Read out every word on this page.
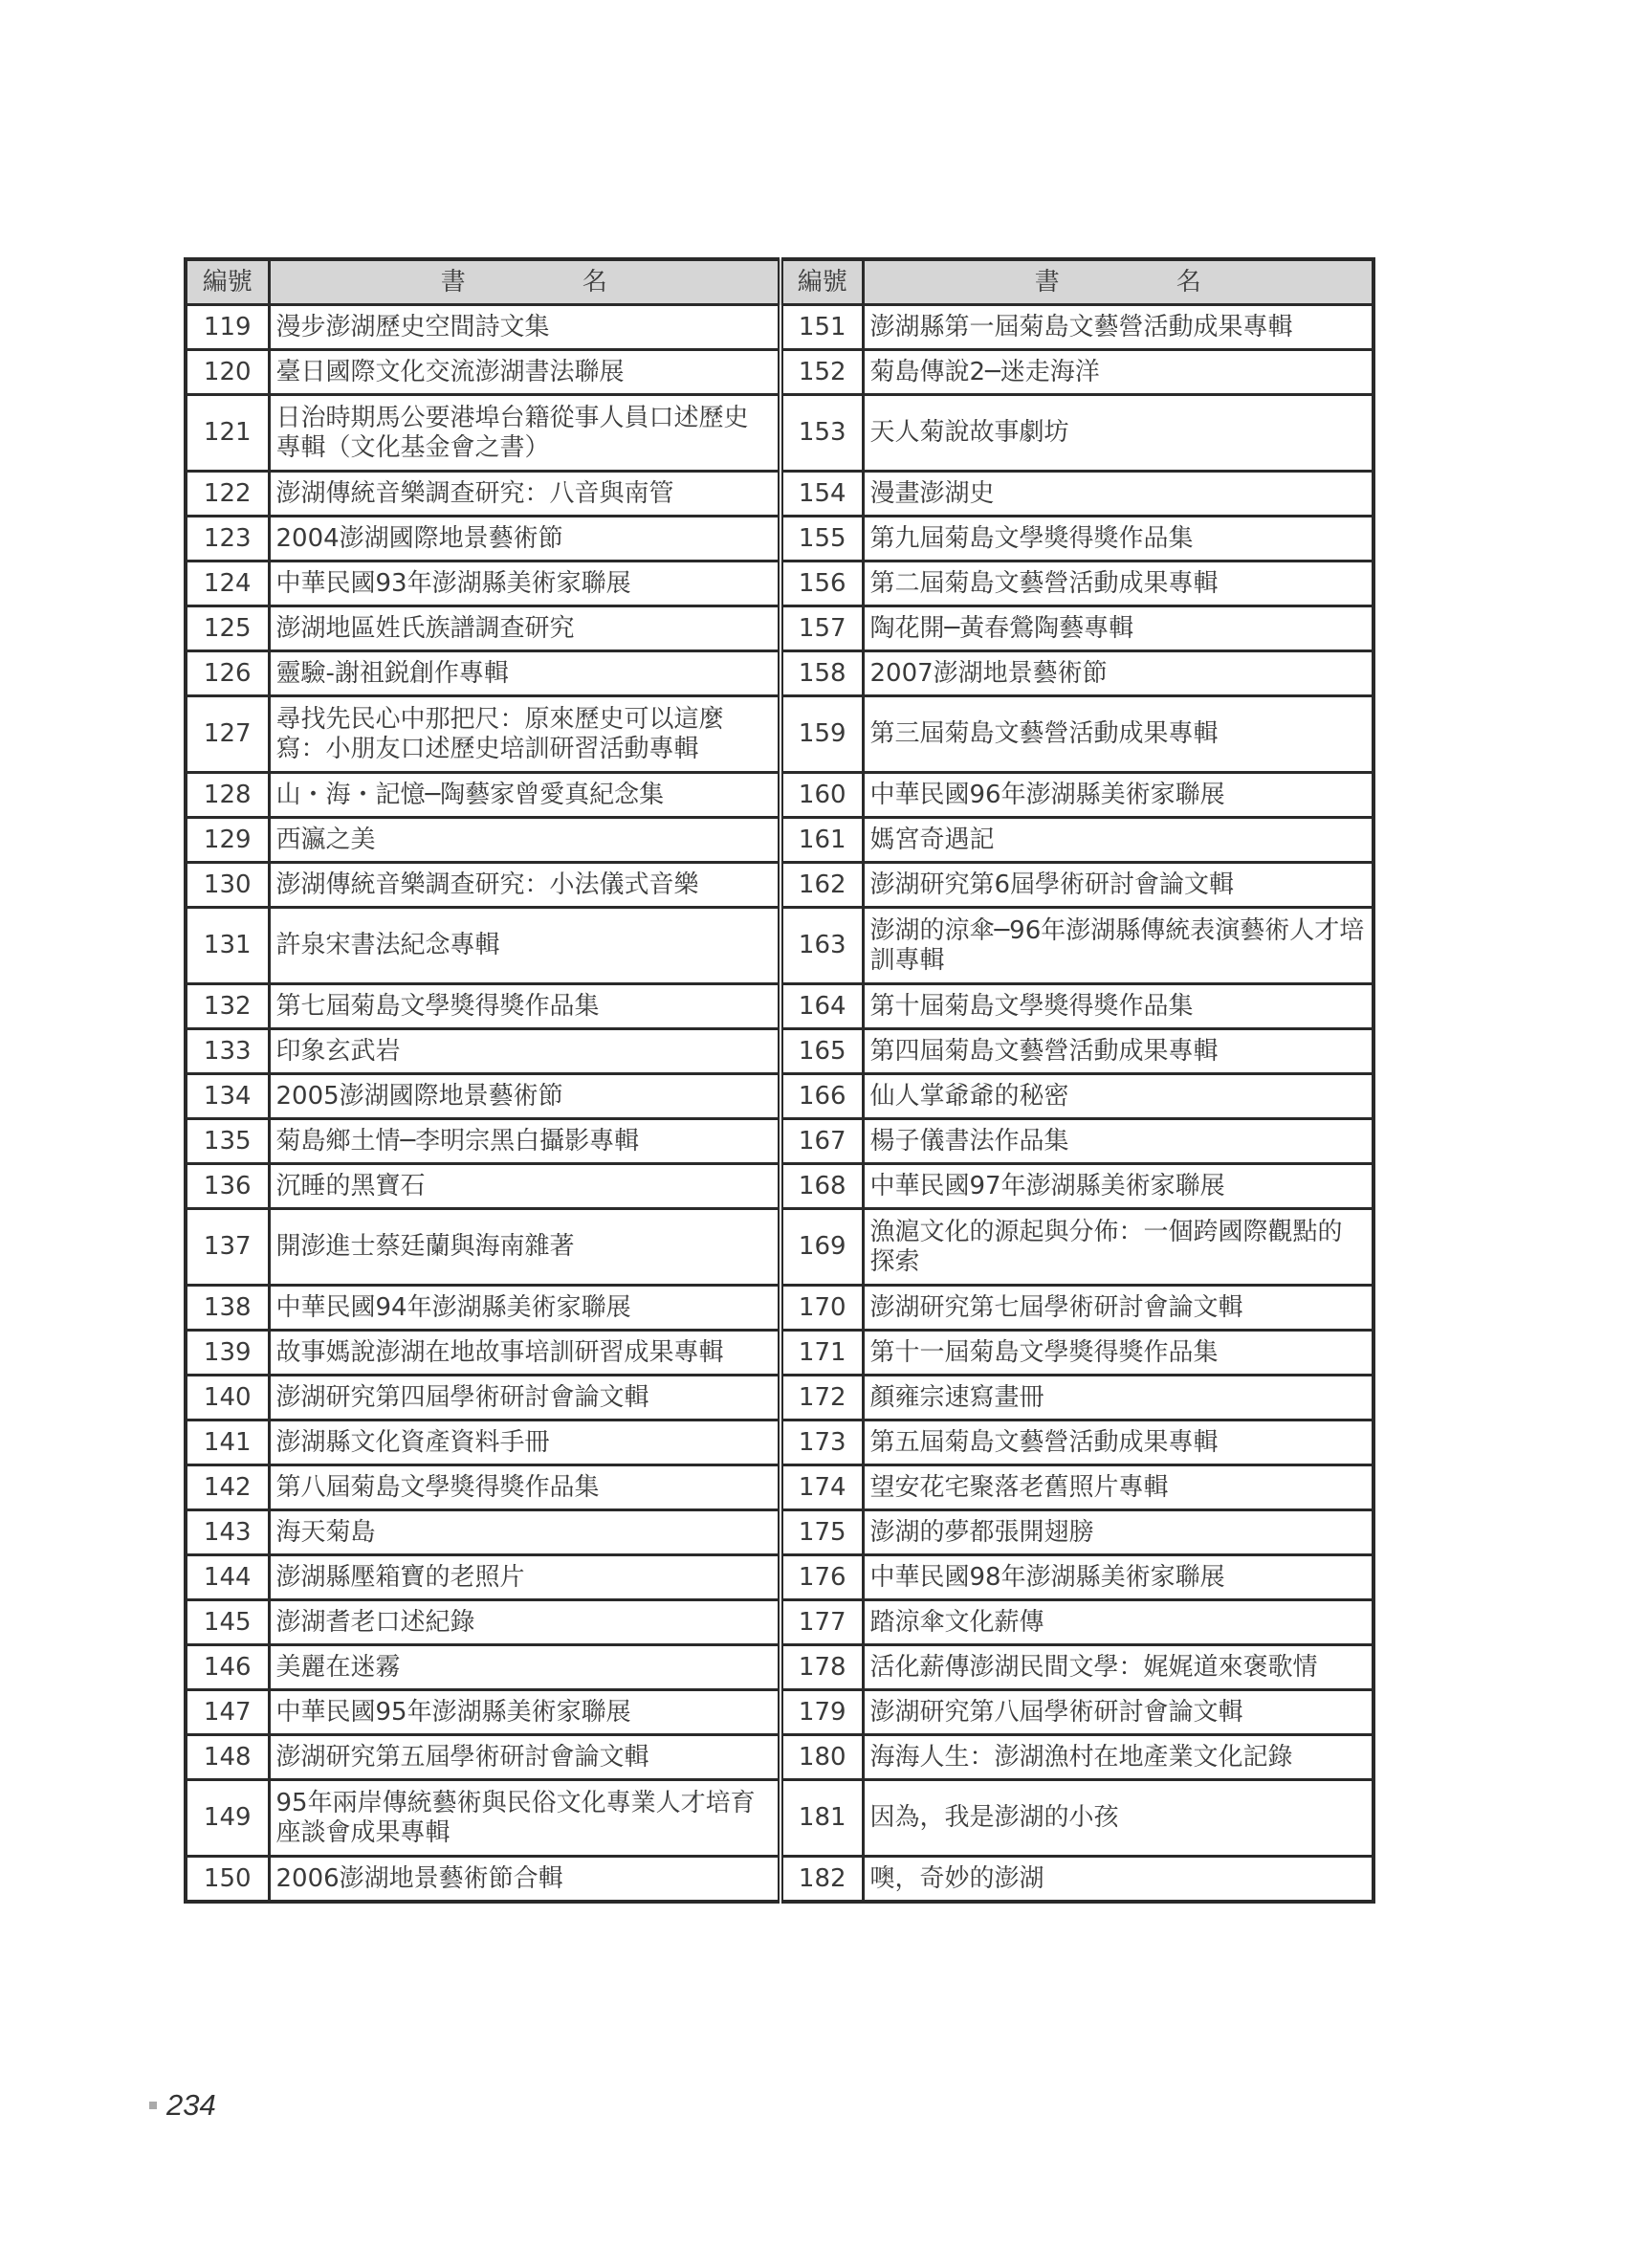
編號	書　名	編號	書　名
119	漫步澎湖歷史空間詩文集	151	澎湖縣第一屆菊島文藝營活動成果專輯
120	臺日國際文化交流澎湖書法聯展	152	菊島傳說2─迷走海洋
121	日治時期馬公要港埠台籍從事人員口述歷史專輯（文化基金會之書）	153	天人菊說故事劇坊
122	澎湖傳統音樂調查研究：八音與南管	154	漫畫澎湖史
123	2004澎湖國際地景藝術節	155	第九屆菊島文學獎得獎作品集
124	中華民國93年澎湖縣美術家聯展	156	第二屆菊島文藝營活動成果專輯
125	澎湖地區姓氏族譜調查研究	157	陶花開─黃春鶯陶藝專輯
126	靈驗-謝祖鋭創作專輯	158	2007澎湖地景藝術節
127	尋找先民心中那把尺：原來歷史可以這麼寫：小朋友口述歷史培訓研習活動專輯	159	第三屆菊島文藝營活動成果專輯
128	山・海・記憶─陶藝家曾愛真紀念集	160	中華民國96年澎湖縣美術家聯展
129	西瀛之美	161	媽宮奇遇記
130	澎湖傳統音樂調查研究：小法儀式音樂	162	澎湖研究第6屆學術研討會論文輯
131	許泉宋書法紀念專輯	163	澎湖的涼傘─96年澎湖縣傳統表演藝術人才培訓專輯
132	第七屆菊島文學獎得獎作品集	164	第十屆菊島文學獎得獎作品集
133	印象玄武岩	165	第四屆菊島文藝營活動成果專輯
134	2005澎湖國際地景藝術節	166	仙人掌爺爺的秘密
135	菊島鄉土情─李明宗黑白攝影專輯	167	楊子儀書法作品集
136	沉睡的黑寶石	168	中華民國97年澎湖縣美術家聯展
137	開澎進士蔡廷蘭與海南雜著	169	漁滬文化的源起與分佈：一個跨國際觀點的探索
138	中華民國94年澎湖縣美術家聯展	170	澎湖研究第七屆學術研討會論文輯
139	故事媽說澎湖在地故事培訓研習成果專輯	171	第十一屆菊島文學獎得獎作品集
140	澎湖研究第四屆學術研討會論文輯	172	顏雍宗速寫畫冊
141	澎湖縣文化資產資料手冊	173	第五屆菊島文藝營活動成果專輯
142	第八屆菊島文學獎得獎作品集	174	望安花宅聚落老舊照片專輯
143	海天菊島	175	澎湖的夢都張開翅膀
144	澎湖縣壓箱寶的老照片	176	中華民國98年澎湖縣美術家聯展
145	澎湖耆老口述紀錄	177	踏涼傘文化薪傳
146	美麗在迷霧	178	活化薪傳澎湖民間文學：娓娓道來褒歌情
147	中華民國95年澎湖縣美術家聯展	179	澎湖研究第八屆學術研討會論文輯
148	澎湖研究第五屆學術研討會論文輯	180	海海人生：澎湖漁村在地產業文化記錄
149	95年兩岸傳統藝術與民俗文化專業人才培育座談會成果專輯	181	因為，我是澎湖的小孩
150	2006澎湖地景藝術節合輯	182	噢，奇妙的澎湖
234
